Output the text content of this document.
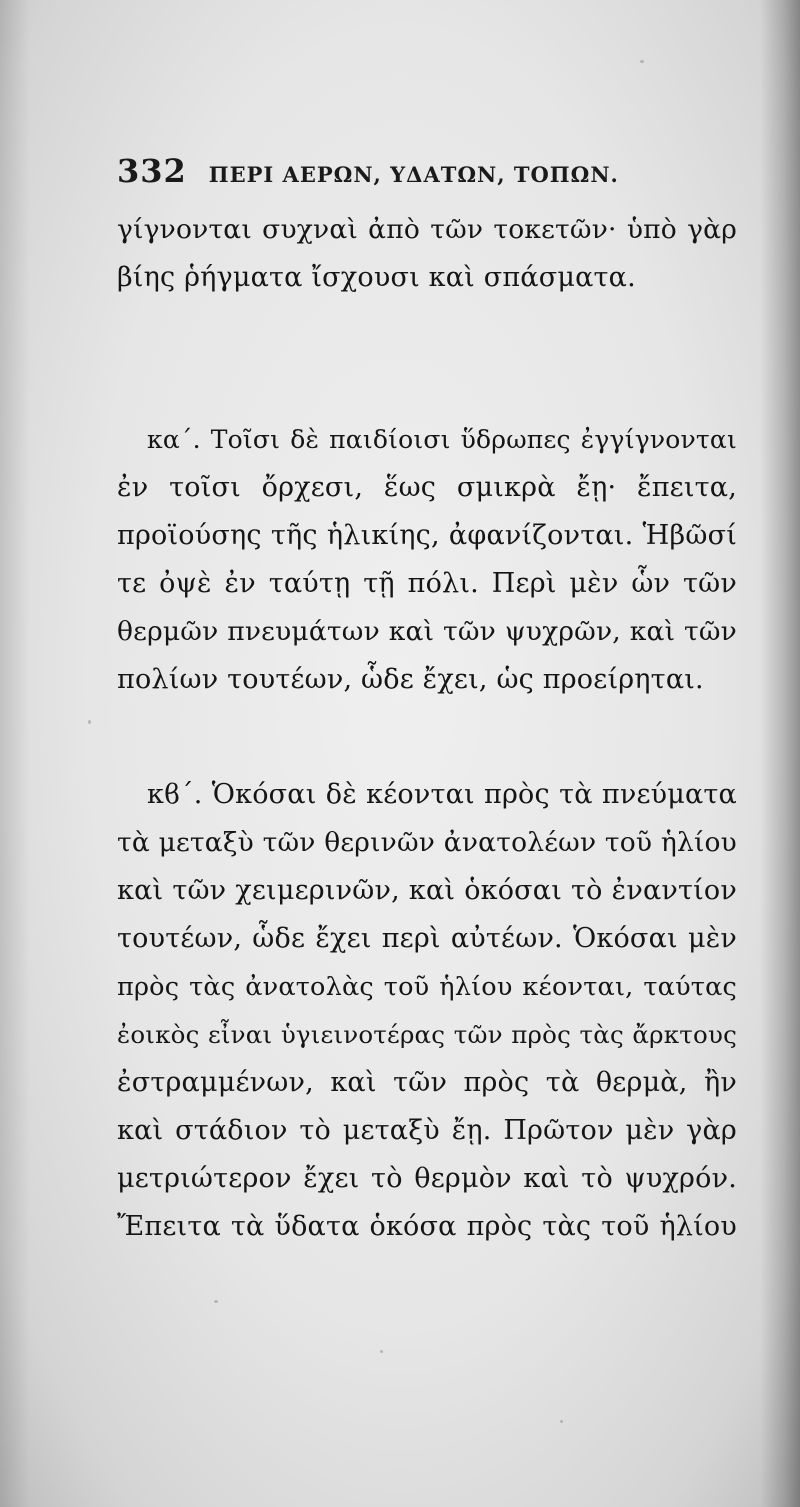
332 ΠΕΡΙ ΑΕΡΩΝ, ΥΔΑΤΩΝ, ΤΟΠΩΝ.
γίγνονται συχναὶ ἀπὸ τῶν τοκετῶν· ὑπὸ γὰρ
βίης ῥήγματα ἴσχουσι καὶ σπάσματα.
κα΄. Τοῖσι δὲ παιδίοισι ὕδρωπες ἐγγίγνονται
ἐν τοῖσι ὄρχεσι, ἕως σμικρὰ ἔῃ· ἔπειτα,
προϊούσης τῆς ἡλικίης, ἀφανίζονται. Ἡβῶσί
τε ὀψὲ ἐν ταύτῃ τῇ πόλι. Περὶ μὲν ὧν τῶν
θερμῶν πνευμάτων καὶ τῶν ψυχρῶν, καὶ τῶν
πολίων τουτέων, ὧδε ἔχει, ὡς προείρηται.
κϐ΄. Ὁκόσαι δὲ κέονται πρὸς τὰ πνεύματα
τὰ μεταξὺ τῶν θερινῶν ἀνατολέων τοῦ ἡλίου
καὶ τῶν χειμερινῶν, καὶ ὁκόσαι τὸ ἐναντίον
τουτέων, ὧδε ἔχει περὶ αὐτέων. Ὁκόσαι μὲν
πρὸς τὰς ἀνατολὰς τοῦ ἡλίου κέονται, ταύτας
ἐοικὸς εἶναι ὑγιεινοτέρας τῶν πρὸς τὰς ἄρκτους
ἐστραμμένων, καὶ τῶν πρὸς τὰ θερμὰ, ἢν
καὶ στάδιον τὸ μεταξὺ ἔῃ. Πρῶτον μὲν γὰρ
μετριώτερον ἔχει τὸ θερμὸν καὶ τὸ ψυχρόν.
Ἔπειτα τὰ ὕδατα ὁκόσα πρὸς τὰς τοῦ ἡλίου
